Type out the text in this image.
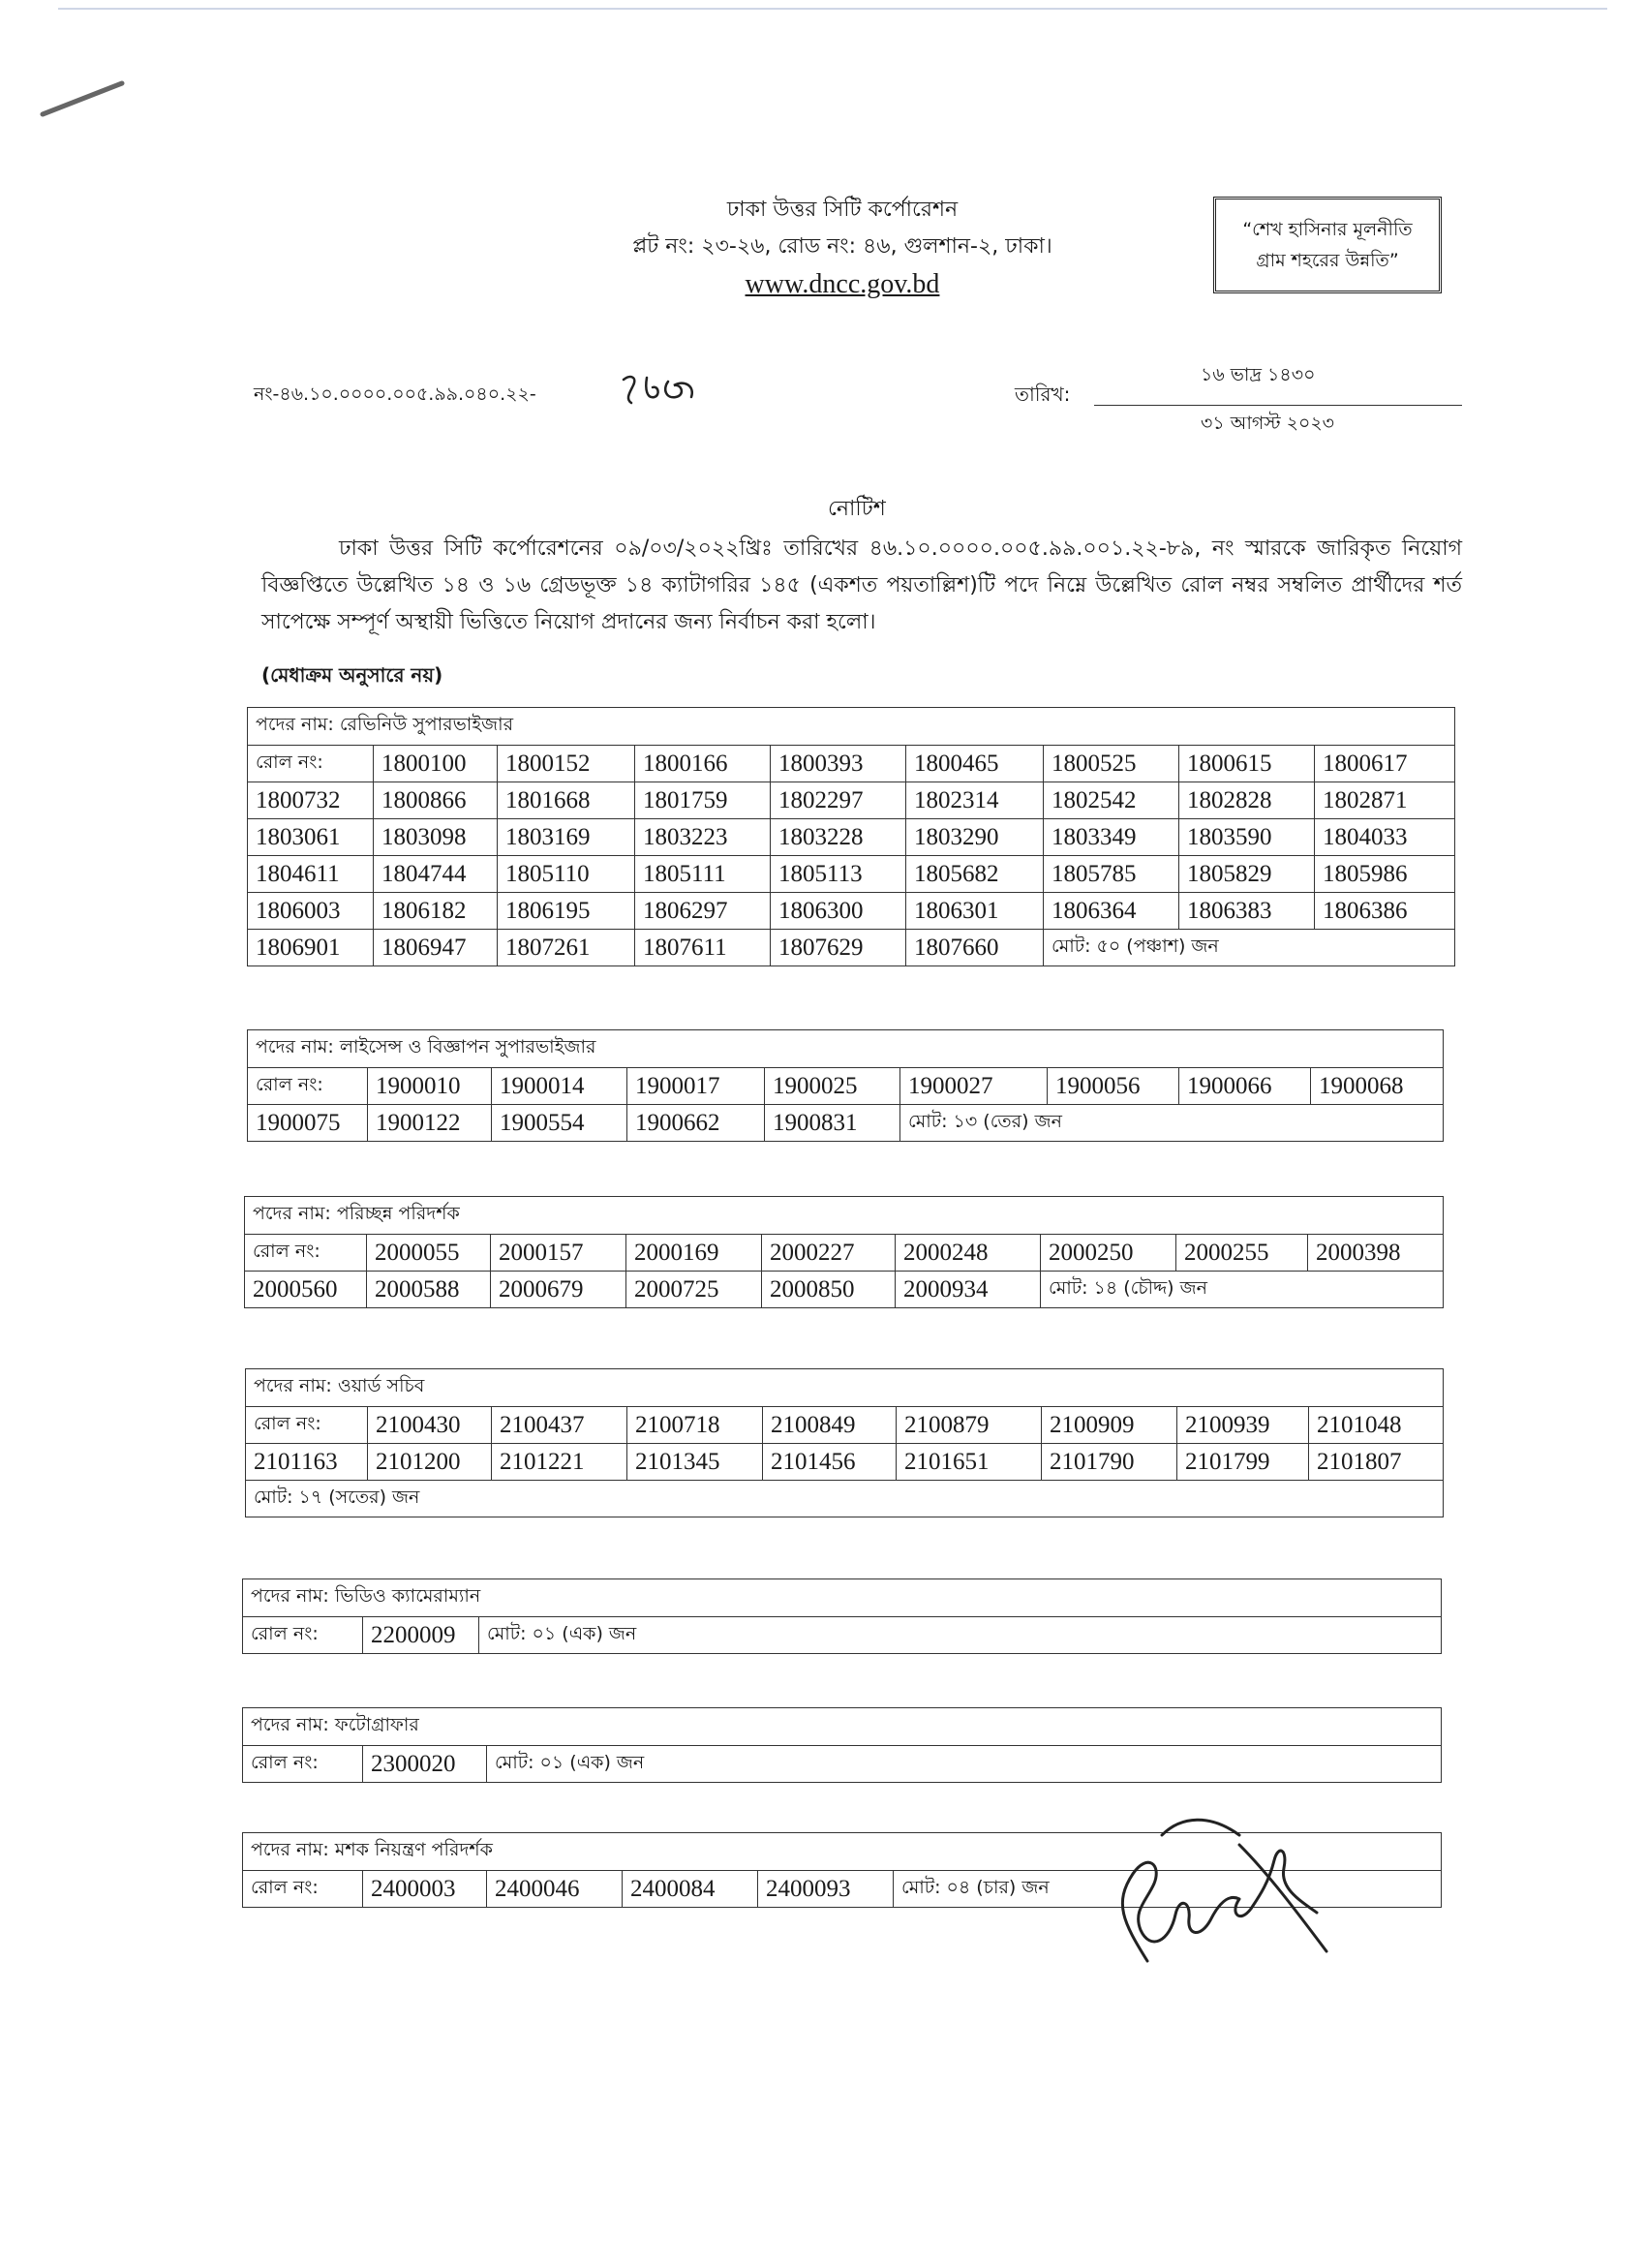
ঢাকা উত্তর সিটি কর্পোরেশন
প্লট নং: ২৩-২৬, রোড নং: ৪৬, গুলশান-২, ঢাকা।
www.dncc.gov.bd
“শেখ হাসিনার মূলনীতি
গ্রাম শহরের উন্নতি”
নং-৪৬.১০.০০০০.০০৫.৯৯.০৪০.২২-	তারিখ:
১৬ ভাদ্র ১৪৩০
৩১ আগস্ট ২০২৩
নোটিশ
ঢাকা উত্তর সিটি কর্পোরেশনের ০৯/০৩/২০২২খ্রিঃ তারিখের ৪৬.১০.০০০০.০০৫.৯৯.০০১.২২-৮৯, নং স্মারকে জারিকৃত নিয়োগ বিজ্ঞপ্তিতে উল্লেখিত ১৪ ও ১৬ গ্রেডভূক্ত ১৪ ক্যাটাগরির ১৪৫ (একশত পয়তাল্লিশ)টি পদে নিম্নে উল্লেখিত রোল নম্বর সম্বলিত প্রার্থীদের শর্ত সাপেক্ষে সম্পূর্ণ অস্থায়ী ভিত্তিতে নিয়োগ প্রদানের জন্য নির্বাচন করা হলো।
(মেধাক্রম অনুসারে নয়)
পদের নাম: রেভিনিউ সুপারভাইজার								
রোল নং:	1800100	1800152	1800166	1800393	1800465	1800525	1800615	1800617
1800732	1800866	1801668	1801759	1802297	1802314	1802542	1802828	1802871
1803061	1803098	1803169	1803223	1803228	1803290	1803349	1803590	1804033
1804611	1804744	1805110	1805111	1805113	1805682	1805785	1805829	1805986
1806003	1806182	1806195	1806297	1806300	1806301	1806364	1806383	1806386
1806901	1806947	1807261	1807611	1807629	1807660	মোট: ৫০ (পঞ্চাশ) জন		
পদের নাম: লাইসেন্স ও বিজ্ঞাপন সুপারভাইজার								
রোল নং:	1900010	1900014	1900017	1900025	1900027	1900056	1900066	1900068
1900075	1900122	1900554	1900662	1900831	মোট: ১৩ (তের) জন			
পদের নাম: পরিচ্ছন্ন পরিদর্শক								
রোল নং:	2000055	2000157	2000169	2000227	2000248	2000250	2000255	2000398
2000560	2000588	2000679	2000725	2000850	2000934	মোট: ১৪ (চৌদ্দ) জন		
পদের নাম: ওয়ার্ড সচিব								
রোল নং:	2100430	2100437	2100718	2100849	2100879	2100909	2100939	2101048
2101163	2101200	2101221	2101345	2101456	2101651	2101790	2101799	2101807
মোট: ১৭ (সতের) জন								
পদের নাম: ভিডিও ক্যামেরাম্যান
রোল নং:	2200009	মোট: ০১ (এক) জন
পদের নাম: ফটোগ্রাফার
রোল নং:	2300020	মোট: ০১ (এক) জন
পদের নাম: মশক নিয়ন্ত্রণ পরিদর্শক
রোল নং:	2400003	2400046	2400084	2400093	মোট: ০৪ (চার) জন
